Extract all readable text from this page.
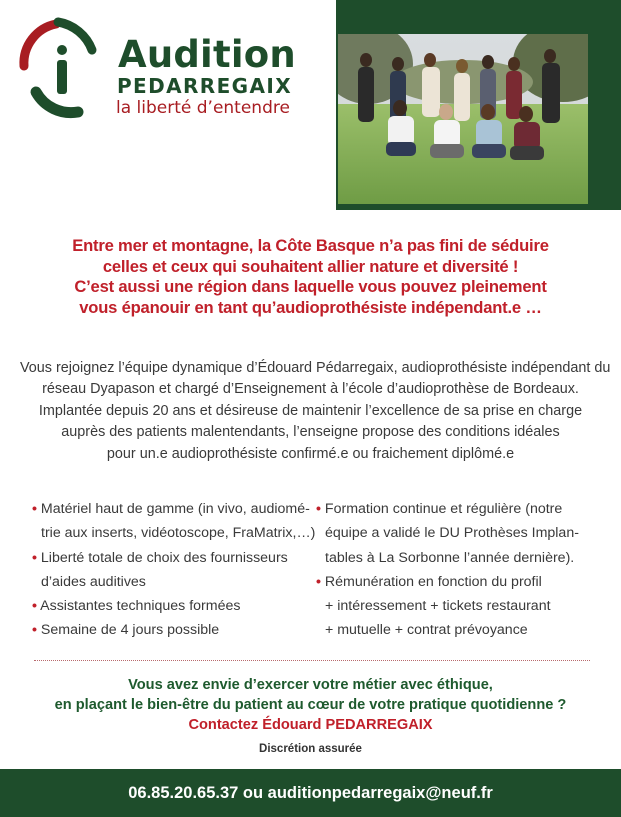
Audition
PEDARREGAIX
la liberté d’entendre
Entre mer et montagne, la Côte Basque n’a pas fini de séduire
celles et ceux qui souhaitent allier nature et diversité !
C’est aussi une région dans laquelle vous pouvez pleinement
vous épanouir en tant qu’audioprothésiste indépendant.e …
Vous rejoignez l’équipe dynamique d’Édouard Pédarregaix, audioprothésiste indépendant du
réseau Dyapason et chargé d’Enseignement à l’école d’audioprothèse de Bordeaux.
Implantée depuis 20 ans et désireuse de maintenir l’excellence de sa prise en charge
auprès des patients malentendants, l’enseigne propose des conditions idéales
pour un.e audioprothésiste confirmé.e ou fraichement diplômé.e
• Matériel haut de gamme (in vivo, audiomé-
trie aux inserts, vidéotoscope, FraMatrix,…)
• Liberté totale de choix des fournisseurs
d’aides auditives
• Assistantes techniques formées
• Semaine de 4 jours possible
• Formation continue et régulière (notre
équipe a validé le DU Prothèses Implan-
tables à La Sorbonne l’année dernière).
• Rémunération en fonction du profil
+ intéressement + tickets restaurant
+ mutuelle + contrat prévoyance
Vous avez envie d’exercer votre métier avec éthique,
en plaçant le bien-être du patient au cœur de votre pratique quotidienne ?
Contactez Édouard PEDARREGAIX
Discrétion assurée
06.85.20.65.37 ou auditionpedarregaix@neuf.fr
